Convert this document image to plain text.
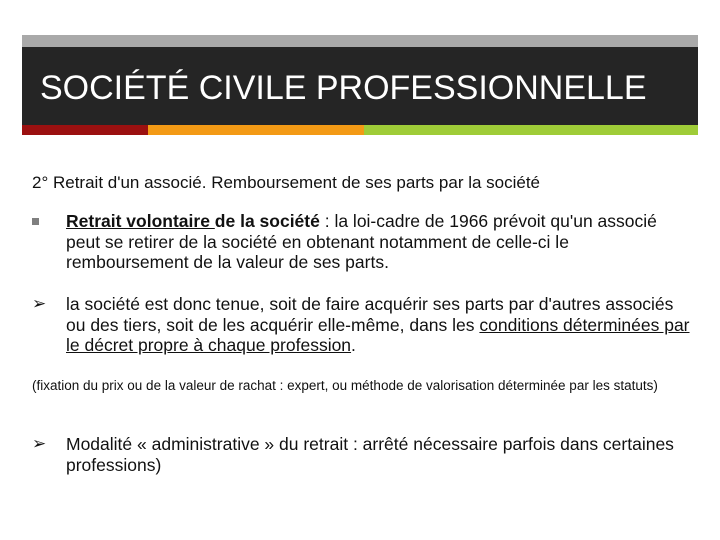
SOCIÉTÉ CIVILE PROFESSIONNELLE
2° Retrait d'un associé. Remboursement de ses parts par la société
Retrait volontaire de la société : la loi-cadre de 1966 prévoit qu'un associé peut se retirer de la société en obtenant notamment de celle-ci le remboursement de la valeur de ses parts.
➢	la société est donc tenue, soit de faire acquérir ses parts par d'autres associés ou des tiers, soit de les acquérir elle-même, dans les conditions déterminées par le décret propre à chaque profession.

(fixation du prix ou de la valeur de rachat : expert, ou méthode de valorisation déterminée par les statuts)

➢	Modalité « administrative » du retrait : arrêté nécessaire parfois dans certaines professions)
